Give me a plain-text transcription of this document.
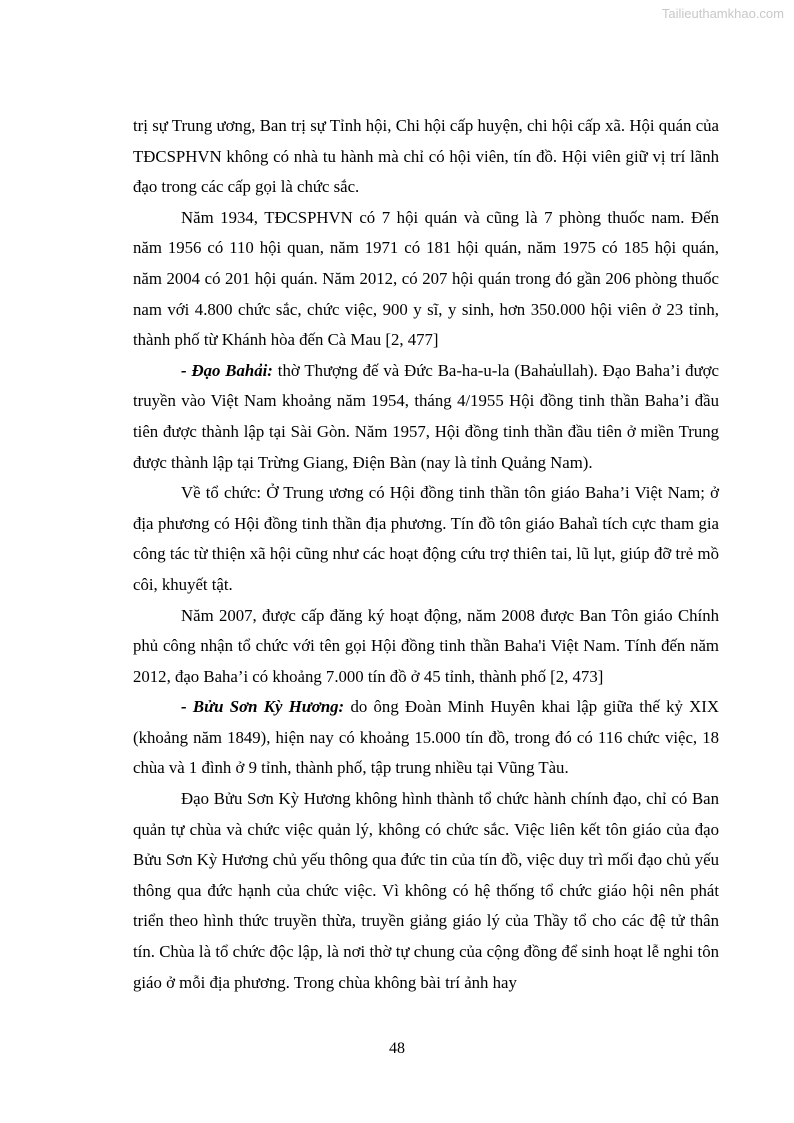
Tailieuthamkhao.com

trị sự Trung ương, Ban trị sự Tỉnh hội, Chi hội cấp huyện, chi hội cấp xã. Hội quán của TĐCSPHVN không có nhà tu hành mà chỉ có hội viên, tín đồ. Hội viên giữ vị trí lãnh đạo trong các cấp gọi là chức sắc.

Năm 1934, TĐCSPHVN có 7 hội quán và cũng là 7 phòng thuốc nam. Đến năm 1956 có 110 hội quan, năm 1971 có 181 hội quán, năm 1975 có 185 hội quán, năm 2004 có 201 hội quán. Năm 2012, có 207 hội quán trong đó gần 206 phòng thuốc nam với 4.800 chức sắc, chức việc, 900 y sĩ, y sinh, hơn 350.000 hội viên ở 23 tỉnh, thành phố từ Khánh hòa đến Cà Mau [2, 477]

- Đạo Baha̓i: thờ Thượng đế và Đức Ba-ha-u-la (Baha̓ullah). Đạo Baha’i được truyền vào Việt Nam khoảng năm 1954, tháng 4/1955 Hội đồng tinh thần Baha’i đầu tiên được thành lập tại Sài Gòn. Năm 1957, Hội đồng tinh thần đầu tiên ở miền Trung được thành lập tại Trừng Giang, Điện Bàn (nay là tỉnh Quảng Nam).

Về tổ chức: Ở Trung ương có Hội đồng tinh thần tôn giáo Baha’i Việt Nam; ở địa phương có Hội đồng tinh thần địa phương. Tín đồ tôn giáo Baha̓i tích cực tham gia công tác từ thiện xã hội cũng như các hoạt động cứu trợ thiên tai, lũ lụt, giúp đỡ trẻ mồ côi, khuyết tật.

Năm 2007, được cấp đăng ký hoạt động, năm 2008 được Ban Tôn giáo Chính phủ công nhận tổ chức với tên gọi Hội đồng tinh thần Baha'i Việt Nam. Tính đến năm 2012, đạo Baha’i có khoảng 7.000 tín đồ ở 45 tỉnh, thành phố [2, 473]

- Bửu Sơn Kỳ Hương: do ông Đoàn Minh Huyên khai lập giữa thế kỷ XIX (khoảng năm 1849), hiện nay có khoảng 15.000 tín đồ, trong đó có 116 chức việc, 18 chùa và 1 đình ở 9 tỉnh, thành phố, tập trung nhiều tại Vũng Tàu.

Đạo Bửu Sơn Kỳ Hương không hình thành tổ chức hành chính đạo, chỉ có Ban quản tự chùa và chức việc quản lý, không có chức sắc. Việc liên kết tôn giáo của đạo Bửu Sơn Kỳ Hương chủ yếu thông qua đức tin của tín đồ, việc duy trì mối đạo chủ yếu thông qua đức hạnh của chức việc. Vì không có hệ thống tổ chức giáo hội nên phát triển theo hình thức truyền thừa, truyền giảng giáo lý của Thầy tổ cho các đệ tử thân tín. Chùa là tổ chức độc lập, là nơi thờ tự chung của cộng đồng để sinh hoạt lễ nghi tôn giáo ở mỗi địa phương. Trong chùa không bài trí ảnh hay

48
